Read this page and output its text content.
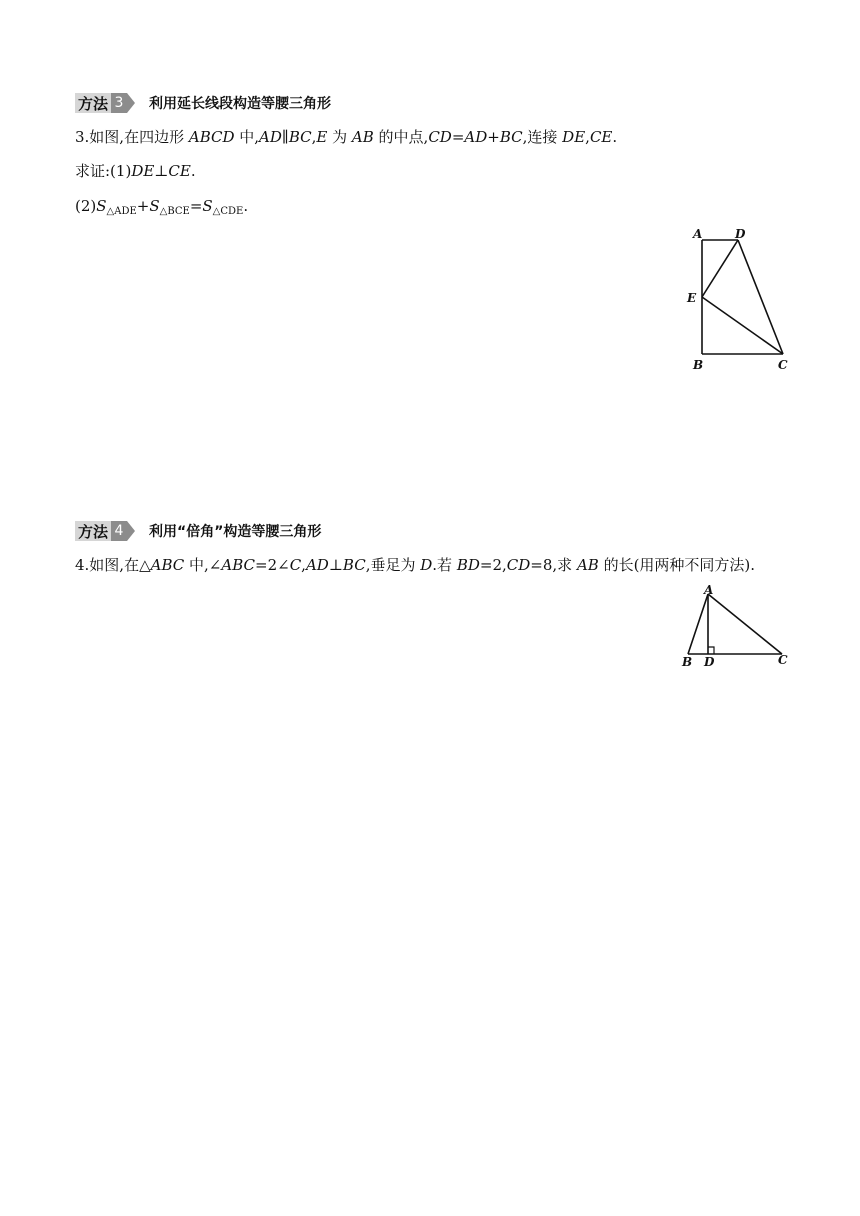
方法 3 利用延长线段构造等腰三角形
3.如图,在四边形 ABCD 中,AD∥BC,E 为 AB 的中点,CD=AD+BC,连接 DE,CE.
求证:(1)DE⊥CE.
$(2)S_{\triangle ADE}+S_{\triangle BCE}=S_{\triangle CDE}$.
A	D
E
B	C
方法 4 利用“倍角”构造等腰三角形
4.如图,在△ABC 中,∠ABC=2∠C,AD⊥BC,垂足为 D.若 BD=2,CD=8,求 AB 的长(用两种不同方法).
A
B D	C
